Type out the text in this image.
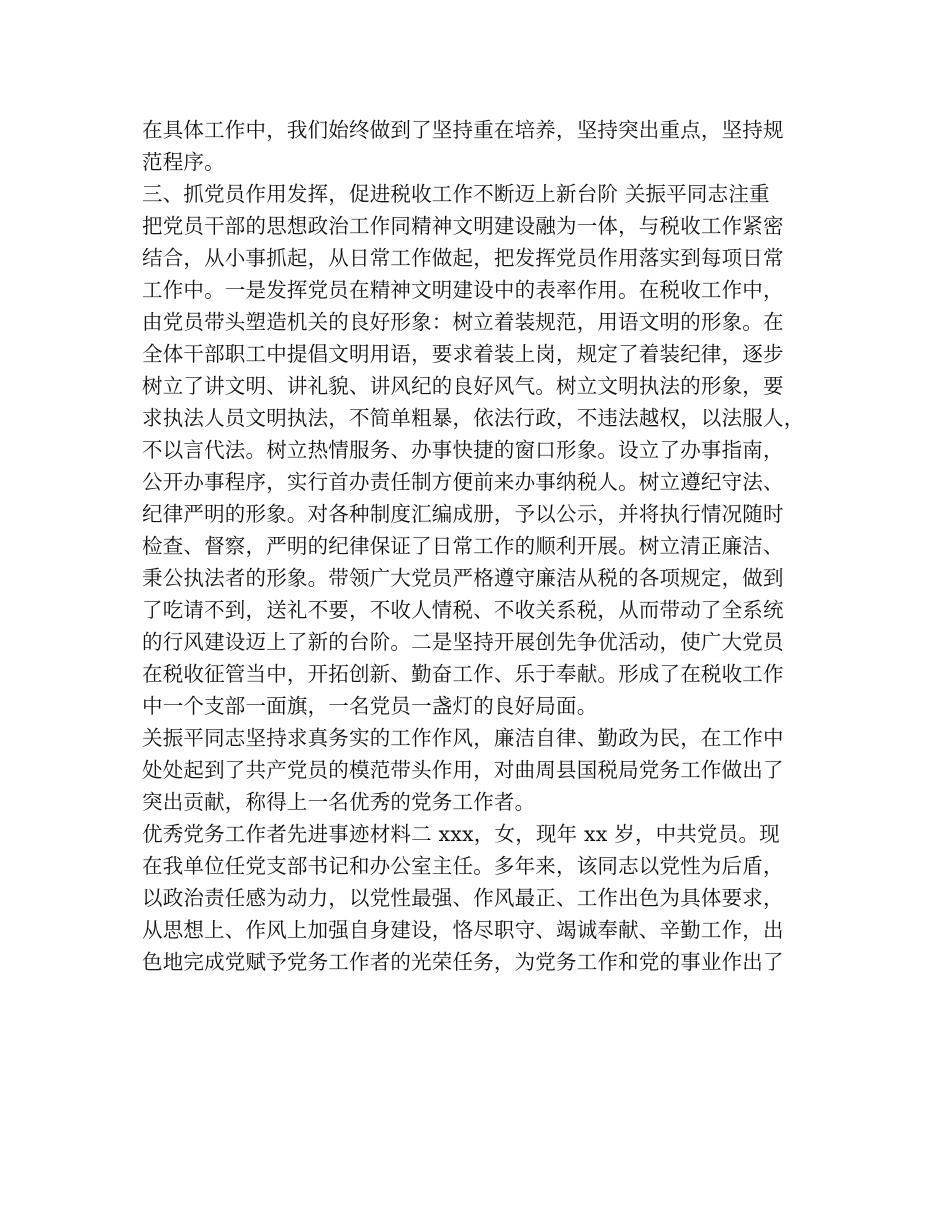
在具体工作中，我们始终做到了坚持重在培养，坚持突出重点，坚持规
范程序。
三、抓党员作用发挥，促进税收工作不断迈上新台阶 关振平同志注重
把党员干部的思想政治工作同精神文明建设融为一体，与税收工作紧密
结合，从小事抓起，从日常工作做起，把发挥党员作用落实到每项日常
工作中。一是发挥党员在精神文明建设中的表率作用。在税收工作中，
由党员带头塑造机关的良好形象：树立着装规范，用语文明的形象。在
全体干部职工中提倡文明用语，要求着装上岗，规定了着装纪律，逐步
树立了讲文明、讲礼貌、讲风纪的良好风气。树立文明执法的形象，要
求执法人员文明执法，不简单粗暴，依法行政，不违法越权，以法服人，
不以言代法。树立热情服务、办事快捷的窗口形象。设立了办事指南，
公开办事程序，实行首办责任制方便前来办事纳税人。树立遵纪守法、
纪律严明的形象。对各种制度汇编成册，予以公示，并将执行情况随时
检查、督察，严明的纪律保证了日常工作的顺利开展。树立清正廉洁、
秉公执法者的形象。带领广大党员严格遵守廉洁从税的各项规定，做到
了吃请不到，送礼不要，不收人情税、不收关系税，从而带动了全系统
的行风建设迈上了新的台阶。二是坚持开展创先争优活动，使广大党员
在税收征管当中，开拓创新、勤奋工作、乐于奉献。形成了在税收工作
中一个支部一面旗，一名党员一盏灯的良好局面。
关振平同志坚持求真务实的工作作风，廉洁自律、勤政为民，在工作中
处处起到了共产党员的模范带头作用，对曲周县国税局党务工作做出了
突出贡献，称得上一名优秀的党务工作者。
优秀党务工作者先进事迹材料二 xxx，女，现年 xx 岁，中共党员。现
在我单位任党支部书记和办公室主任。多年来，该同志以党性为后盾，
以政治责任感为动力，以党性最强、作风最正、工作出色为具体要求，
从思想上、作风上加强自身建设，恪尽职守、竭诚奉献、辛勤工作，出
色地完成党赋予党务工作者的光荣任务，为党务工作和党的事业作出了
